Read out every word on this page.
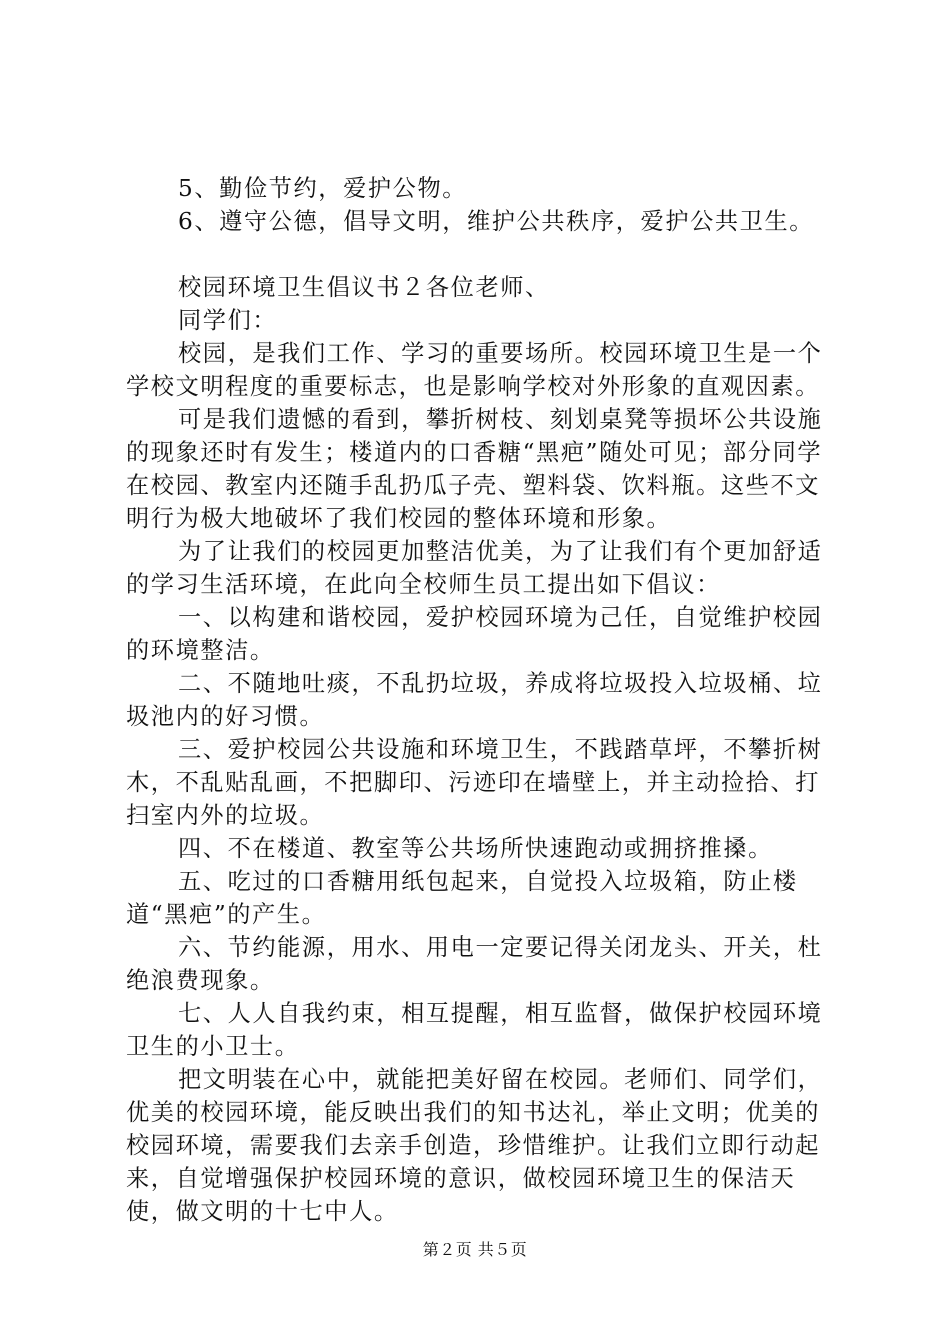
5、勤俭节约，爱护公物。

6、遵守公德，倡导文明，维护公共秩序，爱护公共卫生。

校园环境卫生倡议书２各位老师、

同学们：

校园，是我们工作、学习的重要场所。校园环境卫生是一个学校文明程度的重要标志，也是影响学校对外形象的直观因素。

可是我们遗憾的看到，攀折树枝、刻划桌凳等损坏公共设施的现象还时有发生；楼道内的口香糖“黑疤”随处可见；部分同学在校园、教室内还随手乱扔瓜子壳、塑料袋、饮料瓶。这些不文明行为极大地破坏了我们校园的整体环境和形象。

为了让我们的校园更加整洁优美，为了让我们有个更加舒适的学习生活环境，在此向全校师生员工提出如下倡议：

一、以构建和谐校园，爱护校园环境为己任，自觉维护校园的环境整洁。

二、不随地吐痰，不乱扔垃圾，养成将垃圾投入垃圾桶、垃圾池内的好习惯。

三、爱护校园公共设施和环境卫生，不践踏草坪，不攀折树木，不乱贴乱画，不把脚印、污迹印在墙壁上，并主动捡拾、打扫室内外的垃圾。

四、不在楼道、教室等公共场所快速跑动或拥挤推搡。

五、吃过的口香糖用纸包起来，自觉投入垃圾箱，防止楼道“黑疤”的产生。

六、节约能源，用水、用电一定要记得关闭龙头、开关，杜绝浪费现象。

七、人人自我约束，相互提醒，相互监督，做保护校园环境卫生的小卫士。

把文明装在心中，就能把美好留在校园。老师们、同学们，优美的校园环境，能反映出我们的知书达礼，举止文明；优美的校园环境，需要我们去亲手创造，珍惜维护。让我们立即行动起来，自觉增强保护校园环境的意识，做校园环境卫生的保洁天使，做文明的十七中人。

第２页 共５页
